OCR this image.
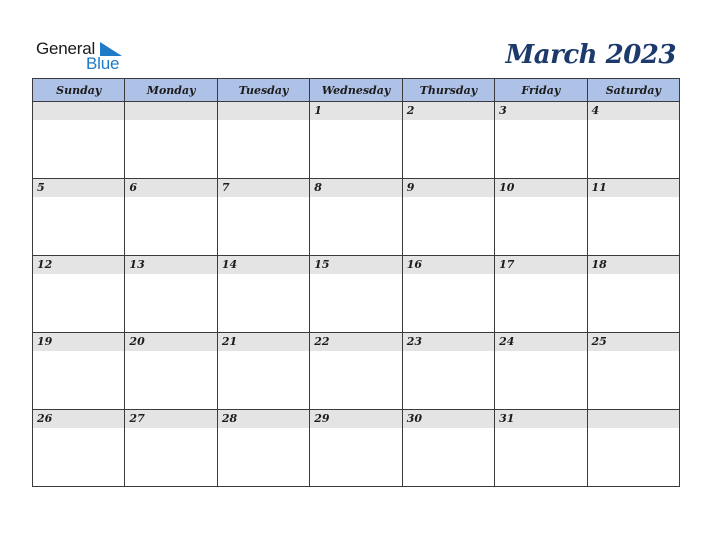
General
Blue	March 2023
Sunday	Monday	Tuesday	Wednesday	Thursday	Friday	Saturday

			1	2	3	4

5	6	7	8	9	10	11

12	13	14	15	16	17	18

19	20	21	22	23	24	25

26	27	28	29	30	31	
